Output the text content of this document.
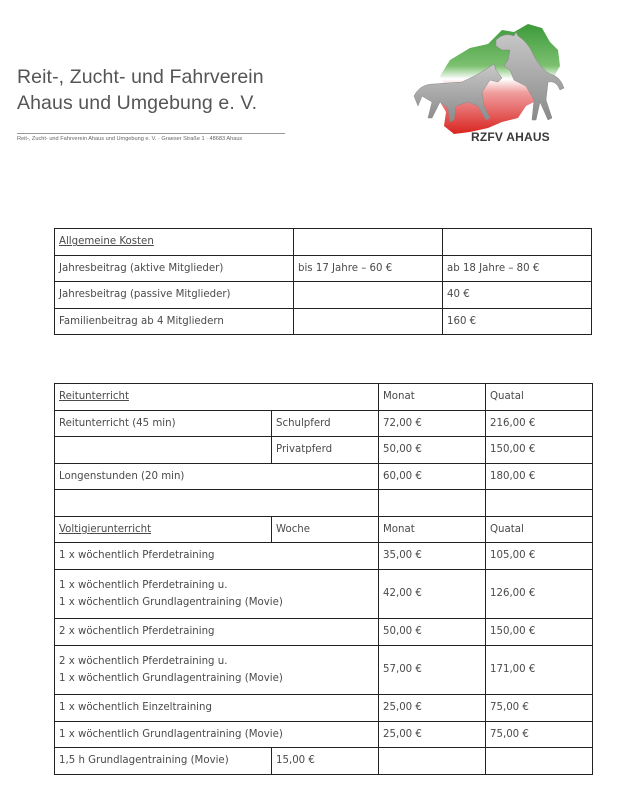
Reit-, Zucht- und Fahrverein
Ahaus und Umgebung e. V.
Reit-, Zucht- und Fahrverein Ahaus und Umgebung e. V. · Graeser Straße 1 · 48683 Ahaus	RZFV AHAUS
Allgemeine Kosten		
Jahresbeitrag (aktive Mitglieder)	bis 17 Jahre – 60 €	ab 18 Jahre – 80 €
Jahresbeitrag (passive Mitglieder)		40 €
Familienbeitrag ab 4 Mitgliedern		160 €
Reitunterricht		Monat	Quatal
Reitunterricht (45 min)	Schulpferd	72,00 €	216,00 €
	Privatpferd	50,00 €	150,00 €
Longenstunden (20 min)		60,00 €	180,00 €

Voltigierunterricht	Woche	Monat	Quatal
1 x wöchentlich Pferdetraining		35,00 €	105,00 €

1 x wöchentlich Pferdetraining u.
1 x wöchentlich Grundlagentraining (Movie)		42,00 €	126,00 €
2 x wöchentlich Pferdetraining		50,00 €	150,00 €

2 x wöchentlich Pferdetraining u.
1 x wöchentlich Grundlagentraining (Movie)		57,00 €	171,00 €
1 x wöchentlich Einzeltraining		25,00 €	75,00 €
1 x wöchentlich Grundlagentraining (Movie)		25,00 €	75,00 €
1,5 h Grundlagentraining (Movie)	15,00 €		
